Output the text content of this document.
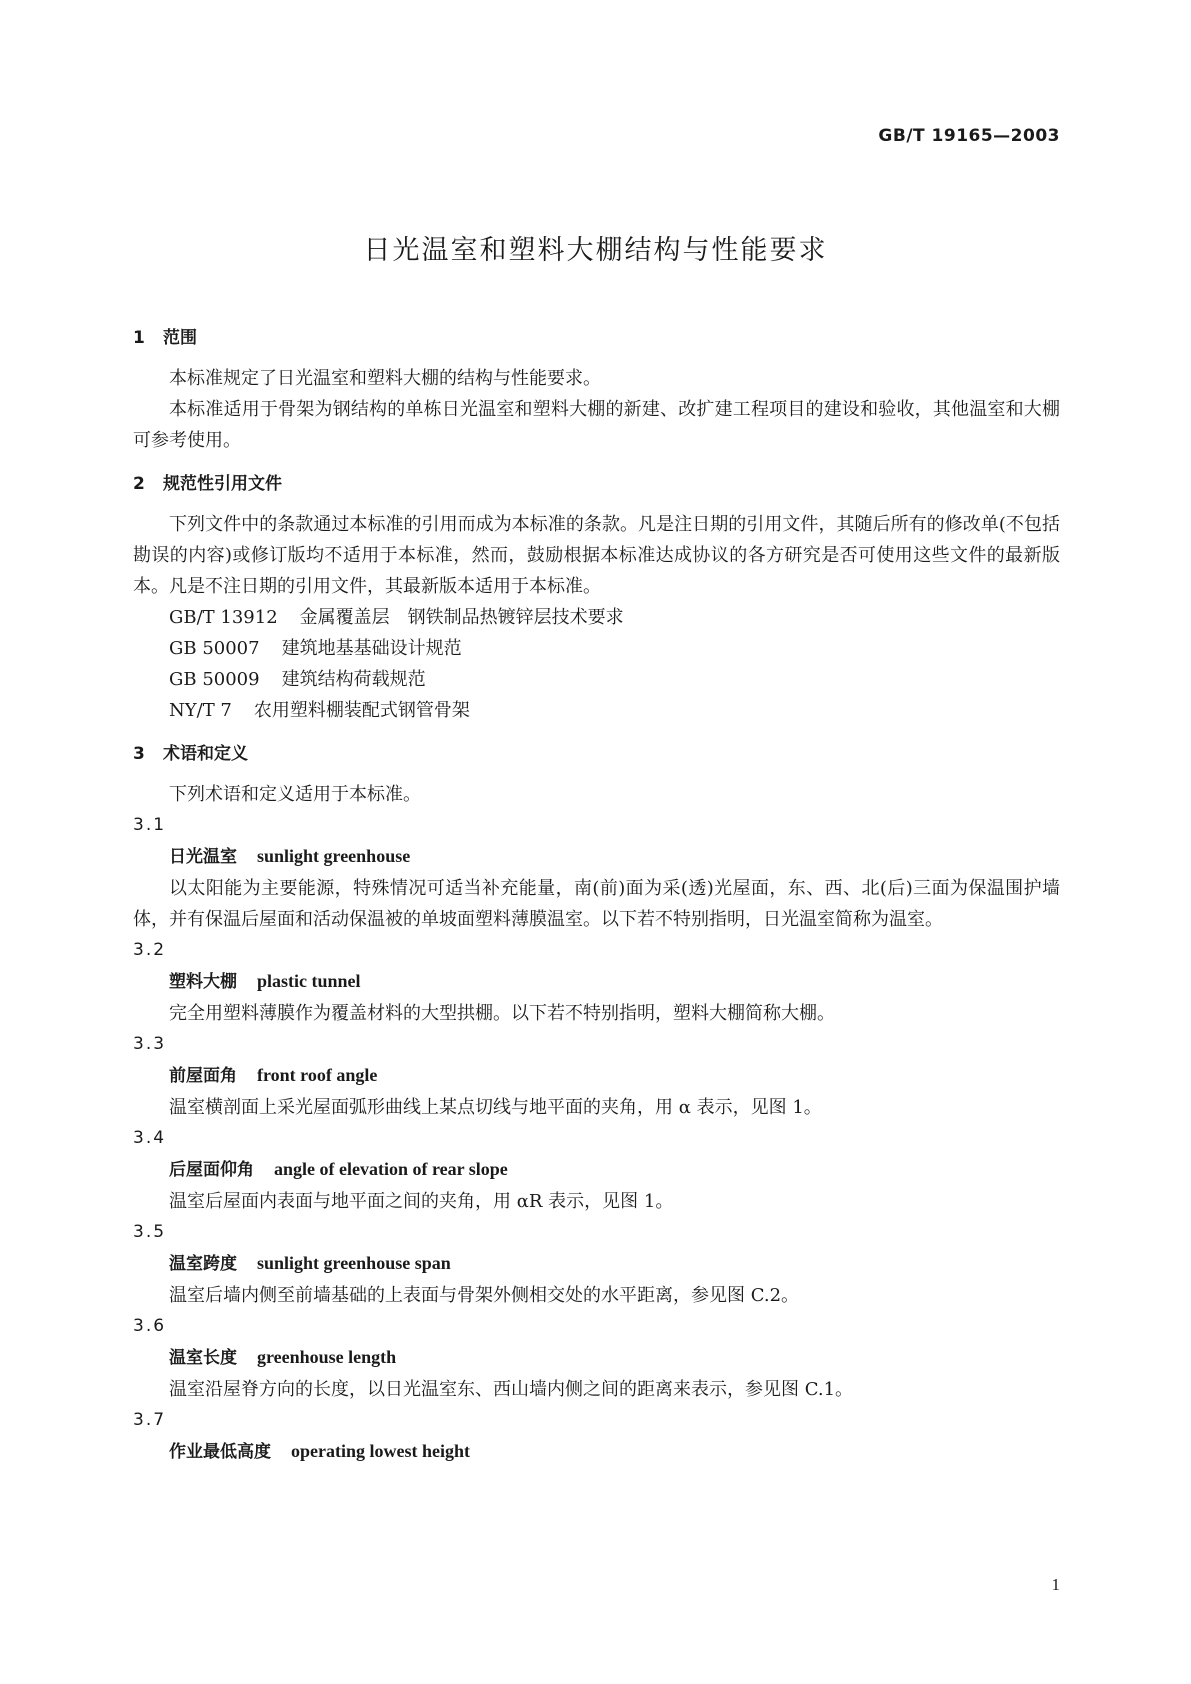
GB/T 19165—2003
日光温室和塑料大棚结构与性能要求
1 范围

本标准规定了日光温室和塑料大棚的结构与性能要求。

本标准适用于骨架为钢结构的单栋日光温室和塑料大棚的新建、改扩建工程项目的建设和验收，其他温室和大棚可参考使用。

2 规范性引用文件

下列文件中的条款通过本标准的引用而成为本标准的条款。凡是注日期的引用文件，其随后所有的修改单(不包括勘误的内容)或修订版均不适用于本标准，然而，鼓励根据本标准达成协议的各方研究是否可使用这些文件的最新版本。凡是不注日期的引用文件，其最新版本适用于本标准。

GB/T 13912 金属覆盖层　钢铁制品热镀锌层技术要求
GB 50007 建筑地基基础设计规范
GB 50009 建筑结构荷载规范
NY/T 7 农用塑料棚装配式钢管骨架
3 术语和定义

下列术语和定义适用于本标准。

3.1
日光温室 sunlight greenhouse

以太阳能为主要能源，特殊情况可适当补充能量，南(前)面为采(透)光屋面，东、西、北(后)三面为保温围护墙体，并有保温后屋面和活动保温被的单坡面塑料薄膜温室。以下若不特别指明，日光温室简称为温室。

3.2
塑料大棚 plastic tunnel

完全用塑料薄膜作为覆盖材料的大型拱棚。以下若不特别指明，塑料大棚简称大棚。

3.3
前屋面角 front roof angle

温室横剖面上采光屋面弧形曲线上某点切线与地平面的夹角，用 α 表示，见图 1。

3.4
后屋面仰角 angle of elevation of rear slope

温室后屋面内表面与地平面之间的夹角，用 αR 表示，见图 1。

3.5
温室跨度 sunlight greenhouse span

温室后墙内侧至前墙基础的上表面与骨架外侧相交处的水平距离，参见图 C.2。

3.6
温室长度 greenhouse length

温室沿屋脊方向的长度，以日光温室东、西山墙内侧之间的距离来表示，参见图 C.1。

3.7
作业最低高度 operating lowest height
1
